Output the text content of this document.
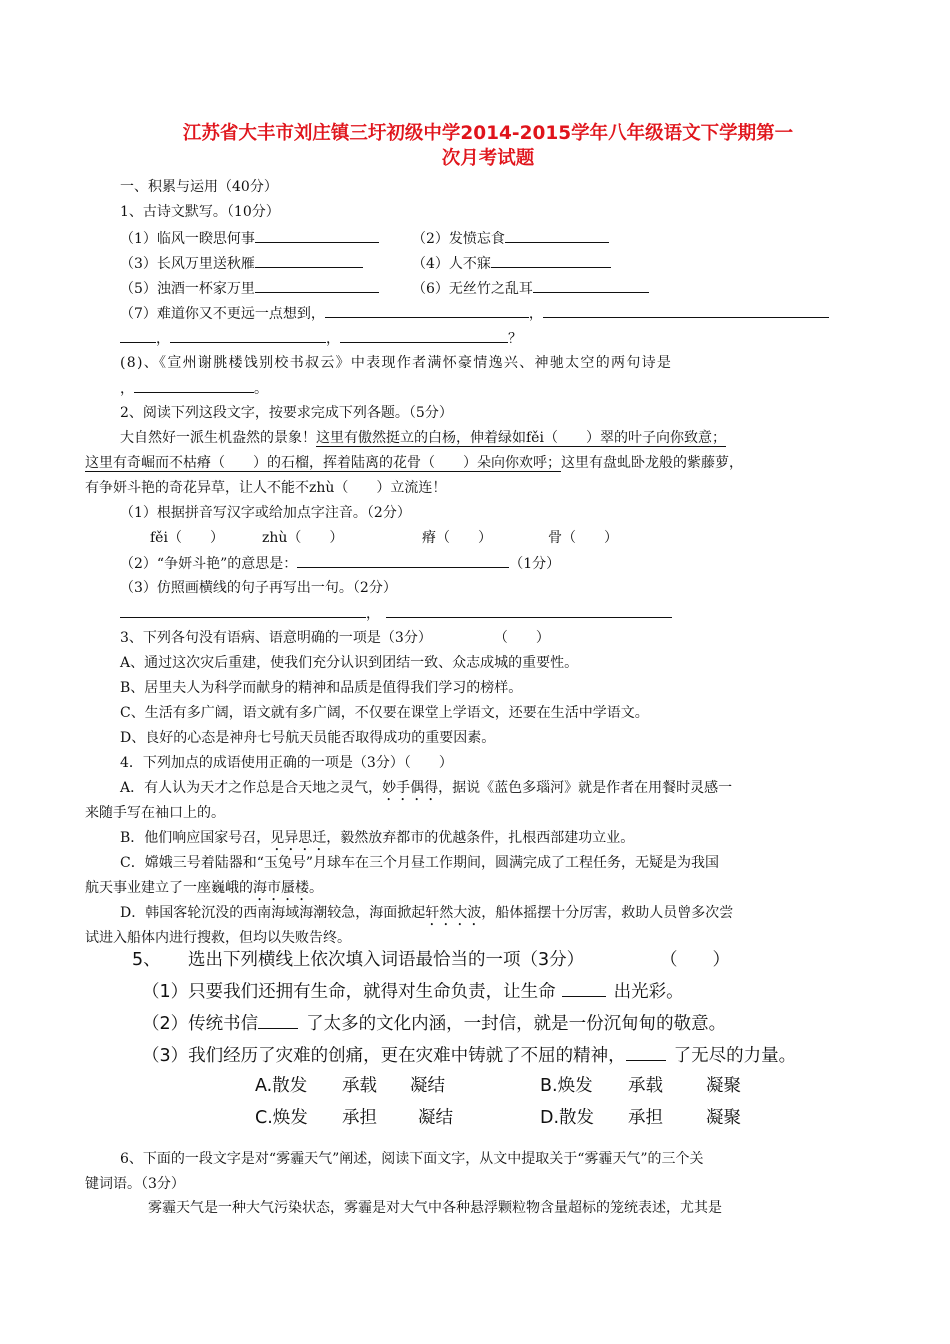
江苏省大丰市刘庄镇三圩初级中学2014-2015学年八年级语文下学期第一
次月考试题
一、积累与运用（40分）
1、古诗文默写。（10分）
（1）临风一睽思何事	（2）发愤忘食
（3）长风万里送秋雁	（4）人不寐
（5）浊酒一杯家万里	（6）无丝竹之乱耳
（7）难道你又不更远一点想到，	，
，	，	？
(8)、《宣州谢朓楼饯别校书叔云》中表现作者满怀豪情逸兴、神驰太空的两句诗是
，	。
2、阅读下列这段文字，按要求完成下列各题。（5分）
大自然好一派生机盎然的景象！这里有傲然挺立的白杨，伸着绿如fěi（　　）翠的叶子向你致意；
这里有奇崛而不枯瘠（　　）的石榴，挥着陆离的花骨（　　）朵向你欢呼；这里有盘虬卧龙般的紫藤萝，
有争妍斗艳的奇花异草，让人不能不zhù（　　）立流连！
（1）根据拼音写汉字或给加点字注音。（2分）
fěi（　　）	zhù（　　）	瘠（　　）	骨（　　）
（2）“争妍斗艳”的意思是：	（1分）
（3）仿照画横线的句子再写出一句。（2分）
，
3、下列各句没有语病、语意明确的一项是（3分）	（　　）
A、通过这次灾后重建，使我们充分认识到团结一致、众志成城的重要性。
B、居里夫人为科学而献身的精神和品质是值得我们学习的榜样。
C、生活有多广阔，语文就有多广阔，不仅要在课堂上学语文，还要在生活中学语文。
D、良好的心态是神舟七号航天员能否取得成功的重要因素。
4．下列加点的成语使用正确的一项是（3分）（　　）
A．有人认为天才之作总是合天地之灵气，妙手偶得，据说《蓝色多瑙河》就是作者在用餐时灵感一
来随手写在袖口上的。
B．他们响应国家号召，见异思迁，毅然放弃都市的优越条件，扎根西部建功立业。
C．嫦娥三号着陆器和“玉兔号”月球车在三个月昼工作期间，圆满完成了工程任务，无疑是为我国
航天事业建立了一座巍峨的海市蜃楼。
D．韩国客轮沉没的西南海域海潮较急，海面掀起轩然大波，船体摇摆十分厉害，救助人员曾多次尝
试进入船体内进行搜救，但均以失败告终。
5、 选出下列横线上依次填入词语最恰当的一项（3分）	（　　）
（1）只要我们还拥有生命，就得对生命负责，让生命	出光彩。
（2）传统书信	了太多的文化内涵，一封信，就是一份沉甸甸的敬意。
（3）我们经历了灾难的创痛，更在灾难中铸就了不屈的精神，	了无尽的力量。
A.散发 承载 凝结	B.焕发 承载 凝聚
C.焕发 承担 凝结	D.散发 承担 凝聚
6、下面的一段文字是对“雾霾天气”阐述，阅读下面文字，从文中提取关于“雾霾天气”的三个关
键词语。（3分）
雾霾天气是一种大气污染状态，雾霾是对大气中各种悬浮颗粒物含量超标的笼统表述，尤其是
